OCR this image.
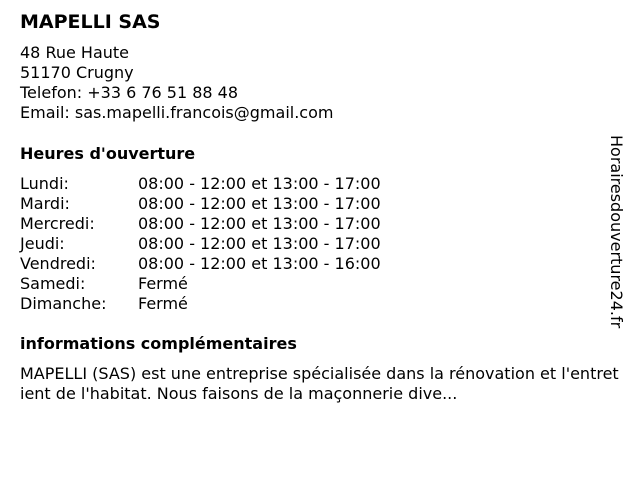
MAPELLI SAS
48 Rue Haute
51170 Crugny
Telefon: +33 6 76 51 88 48
Email: sas.mapelli.francois@gmail.com
Heures d'ouverture
Lundi:	08:00 - 12:00 et 13:00 - 17:00
Mardi:	08:00 - 12:00 et 13:00 - 17:00
Mercredi:	08:00 - 12:00 et 13:00 - 17:00
Jeudi:	08:00 - 12:00 et 13:00 - 17:00
Vendredi:	08:00 - 12:00 et 13:00 - 16:00
Samedi:	Fermé
Dimanche:	Fermé
informations complémentaires
MAPELLI (SAS) est une entreprise spécialisée dans la rénovation et l'entretient de l'habitat. Nous faisons de la maçonnerie dive...
Horairesdouverture24.fr
